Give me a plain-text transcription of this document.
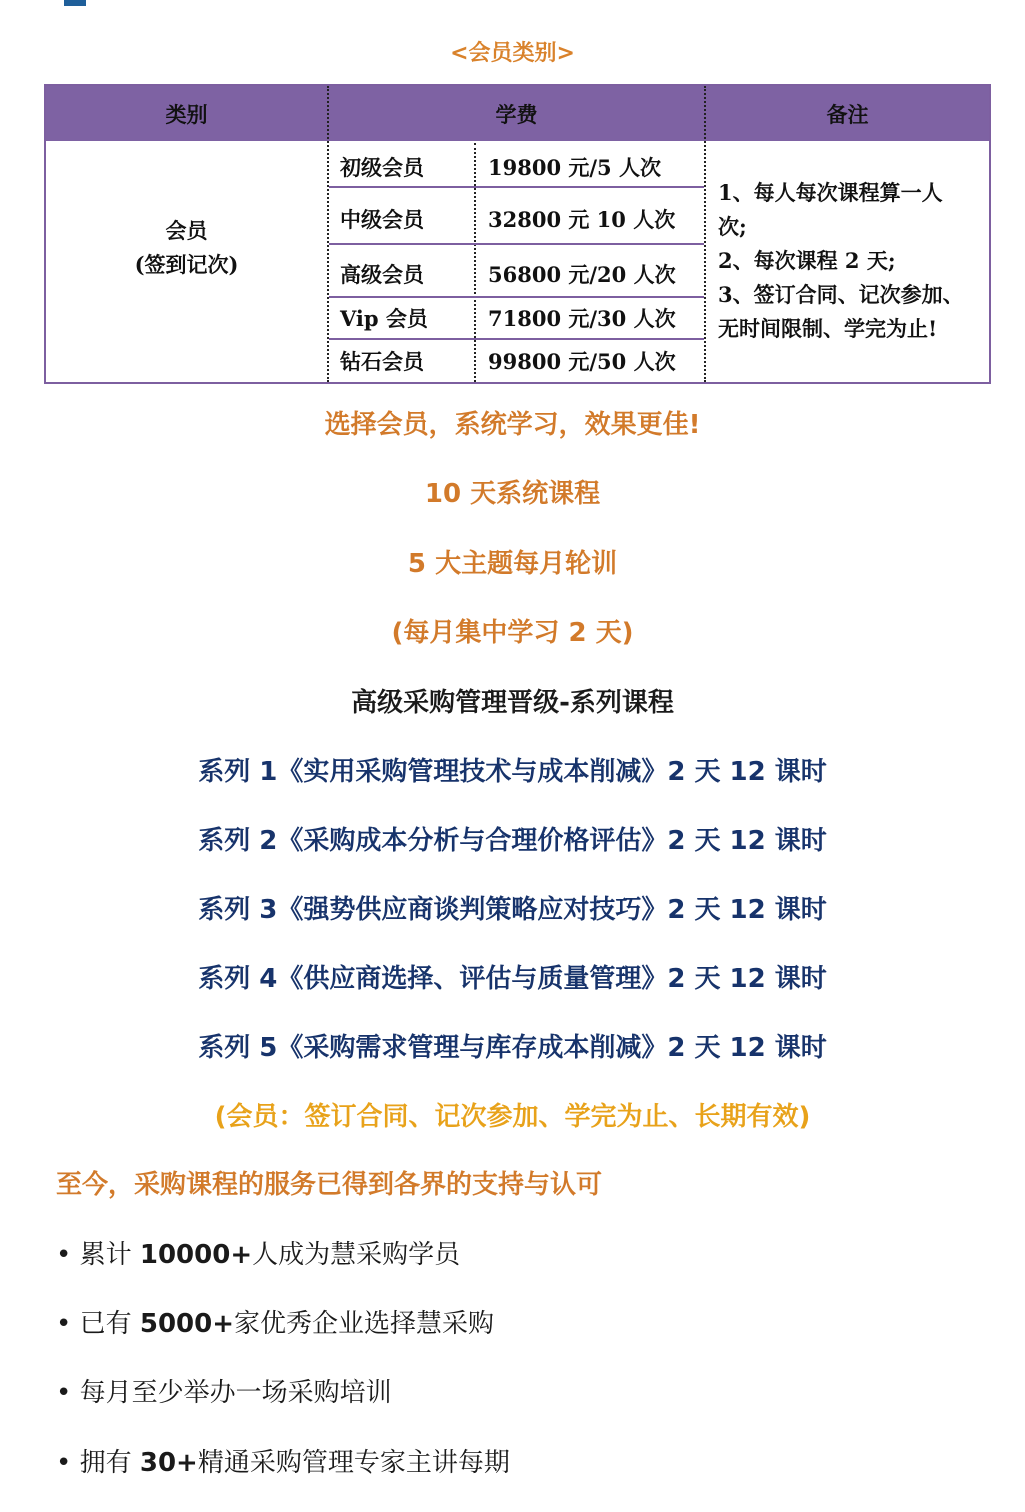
<会员类别>
类别	学费	备注
会员
(签到记次)
初级会员	19800 元/5 人次
中级会员	32800 元 10 人次
高级会员	56800 元/20 人次
Vip 会员	71800 元/30 人次
钻石会员	99800 元/50 人次
1、每人每次课程算一人
次;
2、每次课程 2 天;
3、签订合同、记次参加、
无时间限制、学完为止!
选择会员，系统学习，效果更佳!
10 天系统课程
5 大主题每月轮训
(每月集中学习 2 天)
高级采购管理晋级-系列课程
系列 1《实用采购管理技术与成本削减》2 天 12 课时
系列 2《采购成本分析与合理价格评估》2 天 12 课时
系列 3《强势供应商谈判策略应对技巧》2 天 12 课时
系列 4《供应商选择、评估与质量管理》2 天 12 课时
系列 5《采购需求管理与库存成本削减》2 天 12 课时
(会员：签订合同、记次参加、学完为止、长期有效)
至今，采购课程的服务已得到各界的支持与认可
• 累计 10000+人成为慧采购学员
• 已有 5000+家优秀企业选择慧采购
• 每月至少举办一场采购培训
• 拥有 30+精通采购管理专家主讲每期
